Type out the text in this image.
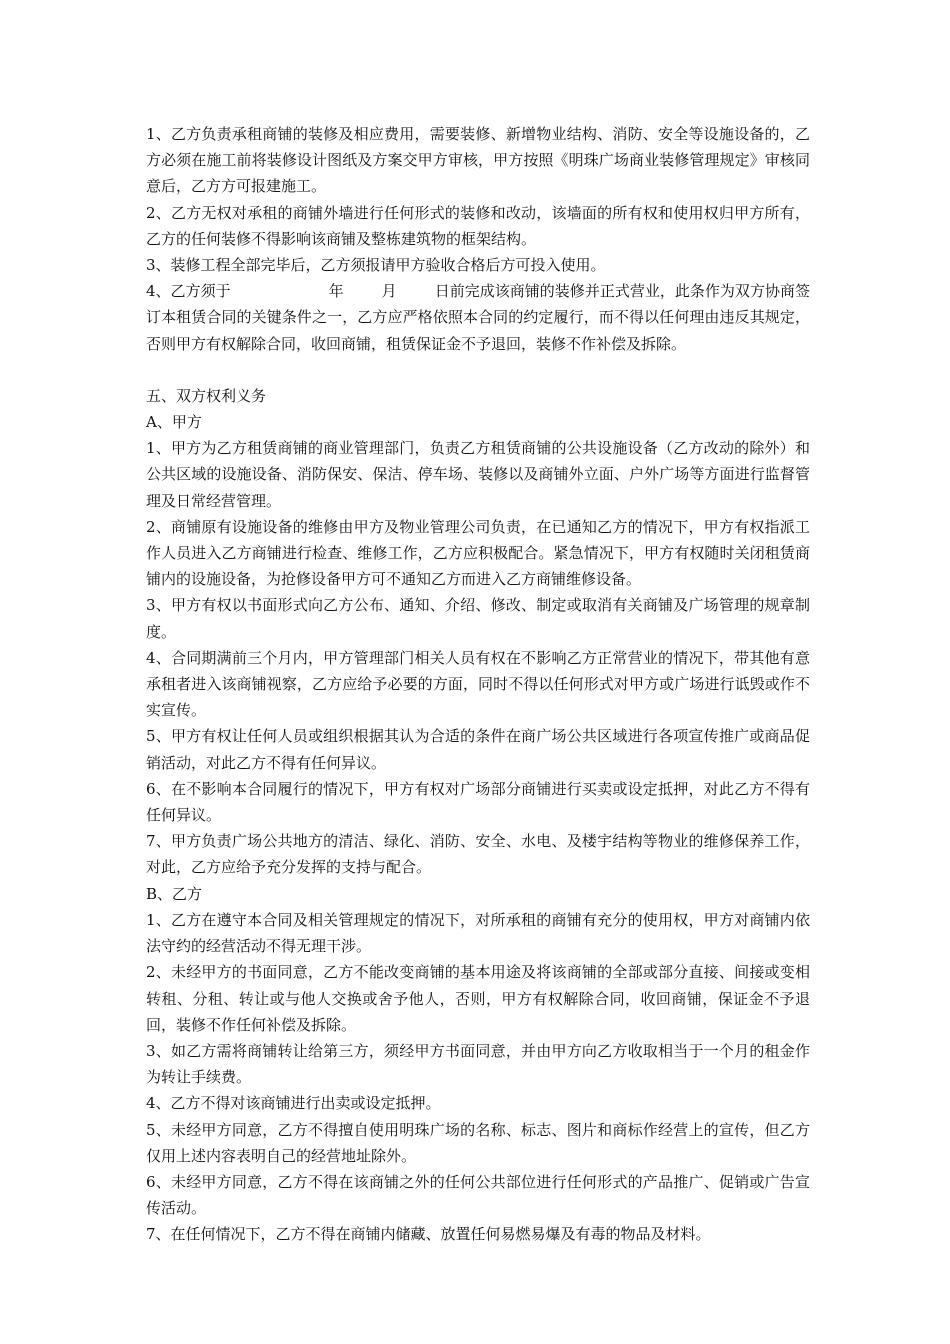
1、乙方负责承租商铺的装修及相应费用，需要装修、新增物业结构、消防、安全等设施设备的，乙方必须在施工前将装修设计图纸及方案交甲方审核，甲方按照《明珠广场商业装修管理规定》审核同意后，乙方方可报建施工。

2、乙方无权对承租的商铺外墙进行任何形式的装修和改动，该墙面的所有权和使用权归甲方所有，乙方的任何装修不得影响该商铺及整栋建筑物的框架结构。

3、装修工程全部完毕后，乙方须报请甲方验收合格后方可投入使用。

4、乙方须于	年	月	日前完成该商铺的装修并正式营业，此条作为双方协商签订本租赁合同的关键条件之一，乙方应严格依照本合同的约定履行，而不得以任何理由违反其规定，否则甲方有权解除合同，收回商铺，租赁保证金不予退回，装修不作补偿及拆除。

五、双方权利义务

A、甲方

1、甲方为乙方租赁商铺的商业管理部门，负责乙方租赁商铺的公共设施设备（乙方改动的除外）和公共区域的设施设备、消防保安、保洁、停车场、装修以及商铺外立面、户外广场等方面进行监督管理及日常经营管理。

2、商铺原有设施设备的维修由甲方及物业管理公司负责，在已通知乙方的情况下，甲方有权指派工作人员进入乙方商铺进行检查、维修工作，乙方应积极配合。紧急情况下，甲方有权随时关闭租赁商铺内的设施设备，为抢修设备甲方可不通知乙方而进入乙方商铺维修设备。

3、甲方有权以书面形式向乙方公布、通知、介绍、修改、制定或取消有关商铺及广场管理的规章制度。

4、合同期满前三个月内，甲方管理部门相关人员有权在不影响乙方正常营业的情况下，带其他有意承租者进入该商铺视察，乙方应给予必要的方面，同时不得以任何形式对甲方或广场进行诋毁或作不实宣传。

5、甲方有权让任何人员或组织根据其认为合适的条件在商广场公共区域进行各项宣传推广或商品促销活动，对此乙方不得有任何异议。

6、在不影响本合同履行的情况下，甲方有权对广场部分商铺进行买卖或设定抵押，对此乙方不得有任何异议。

7、甲方负责广场公共地方的清洁、绿化、消防、安全、水电、及楼宇结构等物业的维修保养工作，对此，乙方应给予充分发挥的支持与配合。

B、乙方

1、乙方在遵守本合同及相关管理规定的情况下，对所承租的商铺有充分的使用权，甲方对商铺内依法守约的经营活动不得无理干涉。

2、未经甲方的书面同意，乙方不能改变商铺的基本用途及将该商铺的全部或部分直接、间接或变相转租、分租、转让或与他人交换或舍予他人，否则，甲方有权解除合同，收回商铺，保证金不予退回，装修不作任何补偿及拆除。

3、如乙方需将商铺转让给第三方，须经甲方书面同意，并由甲方向乙方收取相当于一个月的租金作为转让手续费。

4、乙方不得对该商铺进行出卖或设定抵押。

5、未经甲方同意，乙方不得擅自使用明珠广场的名称、标志、图片和商标作经营上的宣传，但乙方仅用上述内容表明自己的经营地址除外。

6、未经甲方同意，乙方不得在该商铺之外的任何公共部位进行任何形式的产品推广、促销或广告宣传活动。

7、在任何情况下，乙方不得在商铺内储藏、放置任何易燃易爆及有毒的物品及材料。
